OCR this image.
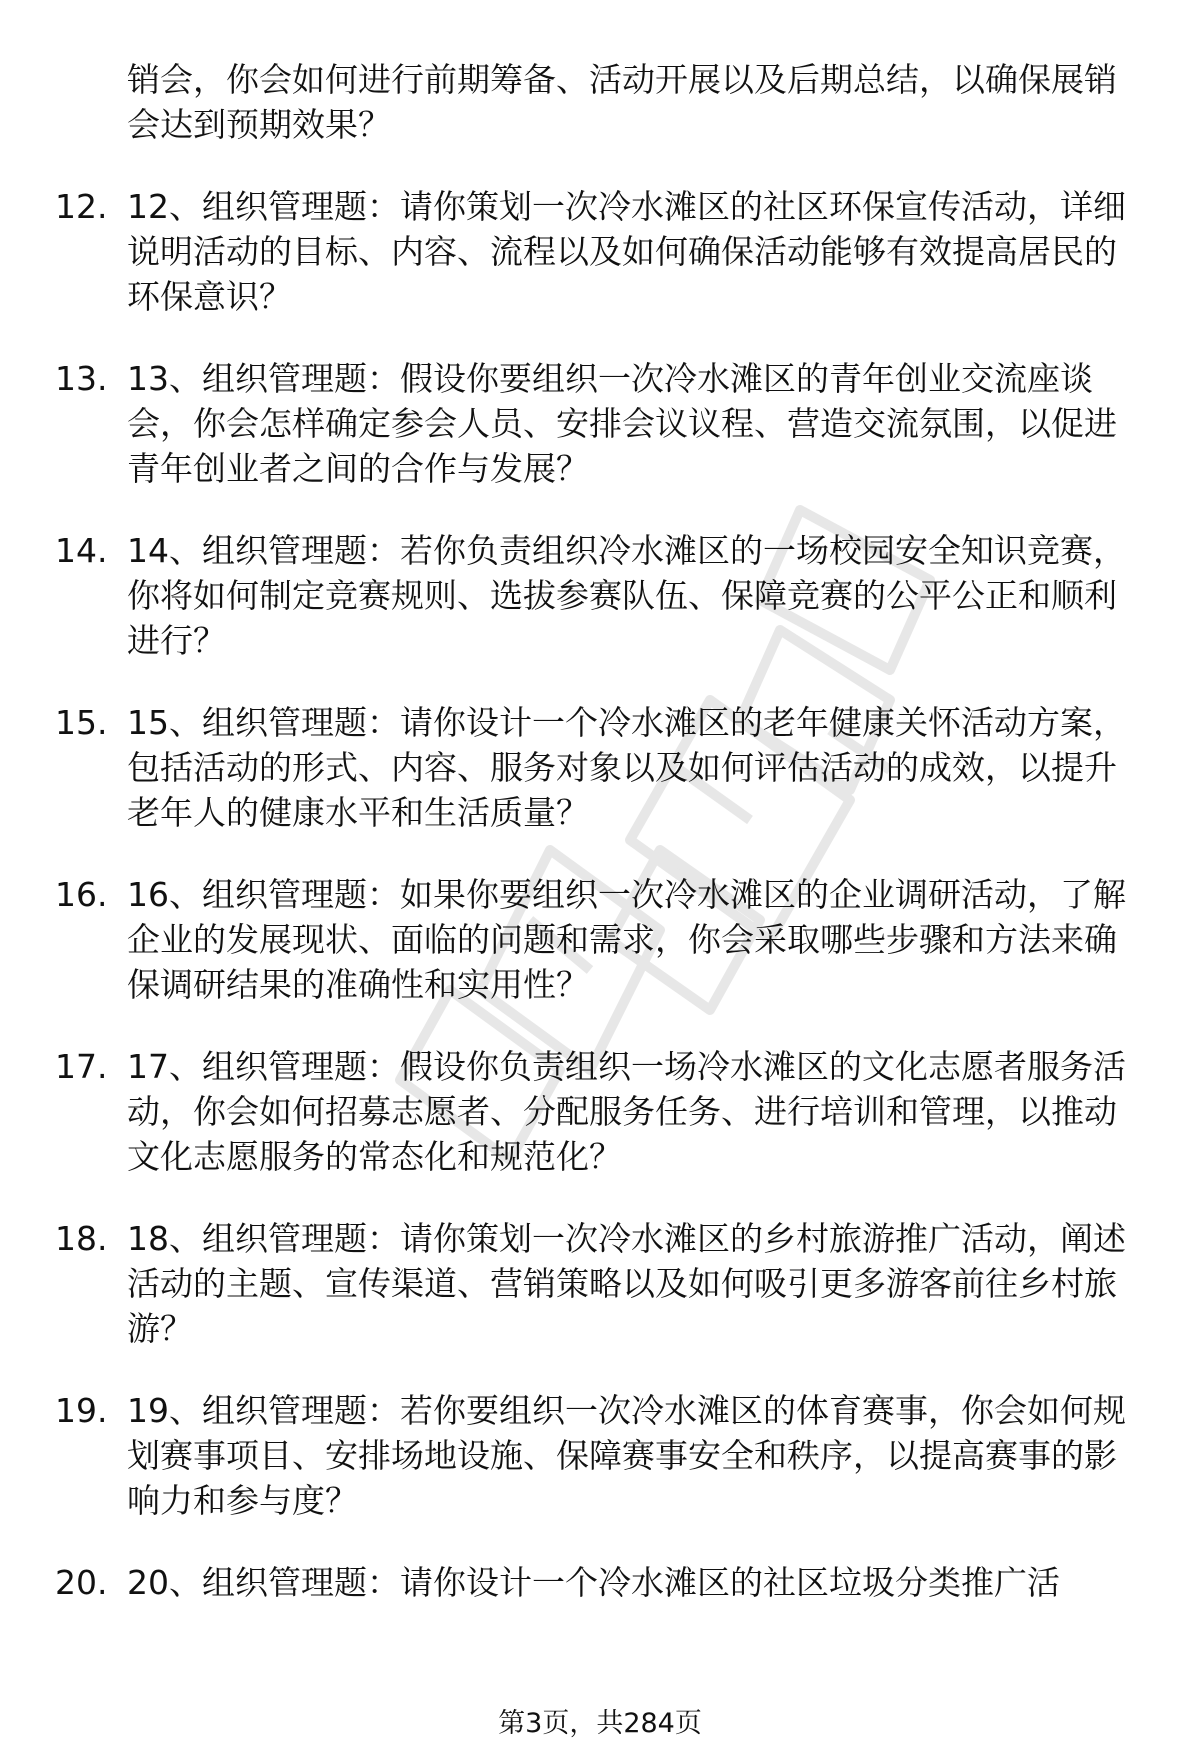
销会，你会如何进行前期筹备、活动开展以及后期总结，以确保展销会达到预期效果？
12. 12、组织管理题：请你策划一次冷水滩区的社区环保宣传活动，详细说明活动的目标、内容、流程以及如何确保活动能够有效提高居民的环保意识？
13. 13、组织管理题：假设你要组织一次冷水滩区的青年创业交流座谈会，你会怎样确定参会人员、安排会议议程、营造交流氛围，以促进青年创业者之间的合作与发展？
14. 14、组织管理题：若你负责组织冷水滩区的一场校园安全知识竞赛，你将如何制定竞赛规则、选拔参赛队伍、保障竞赛的公平公正和顺利进行？
15. 15、组织管理题：请你设计一个冷水滩区的老年健康关怀活动方案，包括活动的形式、内容、服务对象以及如何评估活动的成效，以提升老年人的健康水平和生活质量？
16. 16、组织管理题：如果你要组织一次冷水滩区的企业调研活动，了解企业的发展现状、面临的问题和需求，你会采取哪些步骤和方法来确保调研结果的准确性和实用性？
17. 17、组织管理题：假设你负责组织一场冷水滩区的文化志愿者服务活动，你会如何招募志愿者、分配服务任务、进行培训和管理，以推动文化志愿服务的常态化和规范化？
18. 18、组织管理题：请你策划一次冷水滩区的乡村旅游推广活动，阐述活动的主题、宣传渠道、营销策略以及如何吸引更多游客前往乡村旅游？
19. 19、组织管理题：若你要组织一次冷水滩区的体育赛事，你会如何规划赛事项目、安排场地设施、保障赛事安全和秩序，以提高赛事的影响力和参与度？
20. 20、组织管理题：请你设计一个冷水滩区的社区垃圾分类推广活
第3页，共284页
